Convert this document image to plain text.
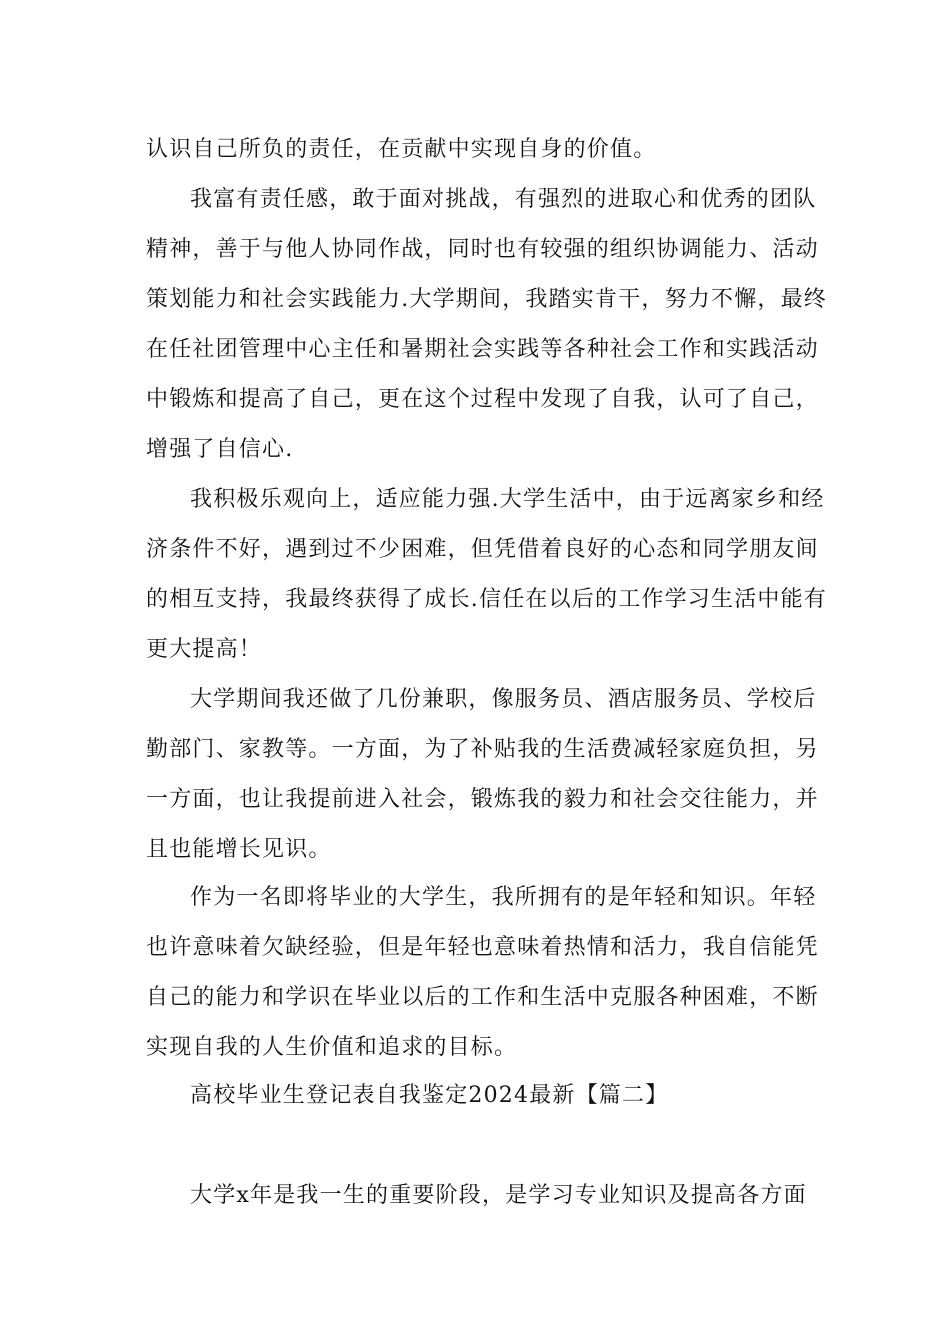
认识自己所负的责任，在贡献中实现自身的价值。
我富有责任感，敢于面对挑战，有强烈的进取心和优秀的团队
精神，善于与他人协同作战，同时也有较强的组织协调能力、活动
策划能力和社会实践能力.大学期间，我踏实肯干，努力不懈，最终
在任社团管理中心主任和暑期社会实践等各种社会工作和实践活动
中锻炼和提高了自己，更在这个过程中发现了自我，认可了自己，
增强了自信心.
我积极乐观向上，适应能力强.大学生活中，由于远离家乡和经
济条件不好，遇到过不少困难，但凭借着良好的心态和同学朋友间
的相互支持，我最终获得了成长.信任在以后的工作学习生活中能有
更大提高！
大学期间我还做了几份兼职，像服务员、酒店服务员、学校后
勤部门、家教等。一方面，为了补贴我的生活费减轻家庭负担，另
一方面，也让我提前进入社会，锻炼我的毅力和社会交往能力，并
且也能增长见识。
作为一名即将毕业的大学生，我所拥有的是年轻和知识。年轻
也许意味着欠缺经验，但是年轻也意味着热情和活力，我自信能凭
自己的能力和学识在毕业以后的工作和生活中克服各种困难，不断
实现自我的人生价值和追求的目标。
高校毕业生登记表自我鉴定2024最新【篇二】
大学x年是我一生的重要阶段，是学习专业知识及提高各方面
